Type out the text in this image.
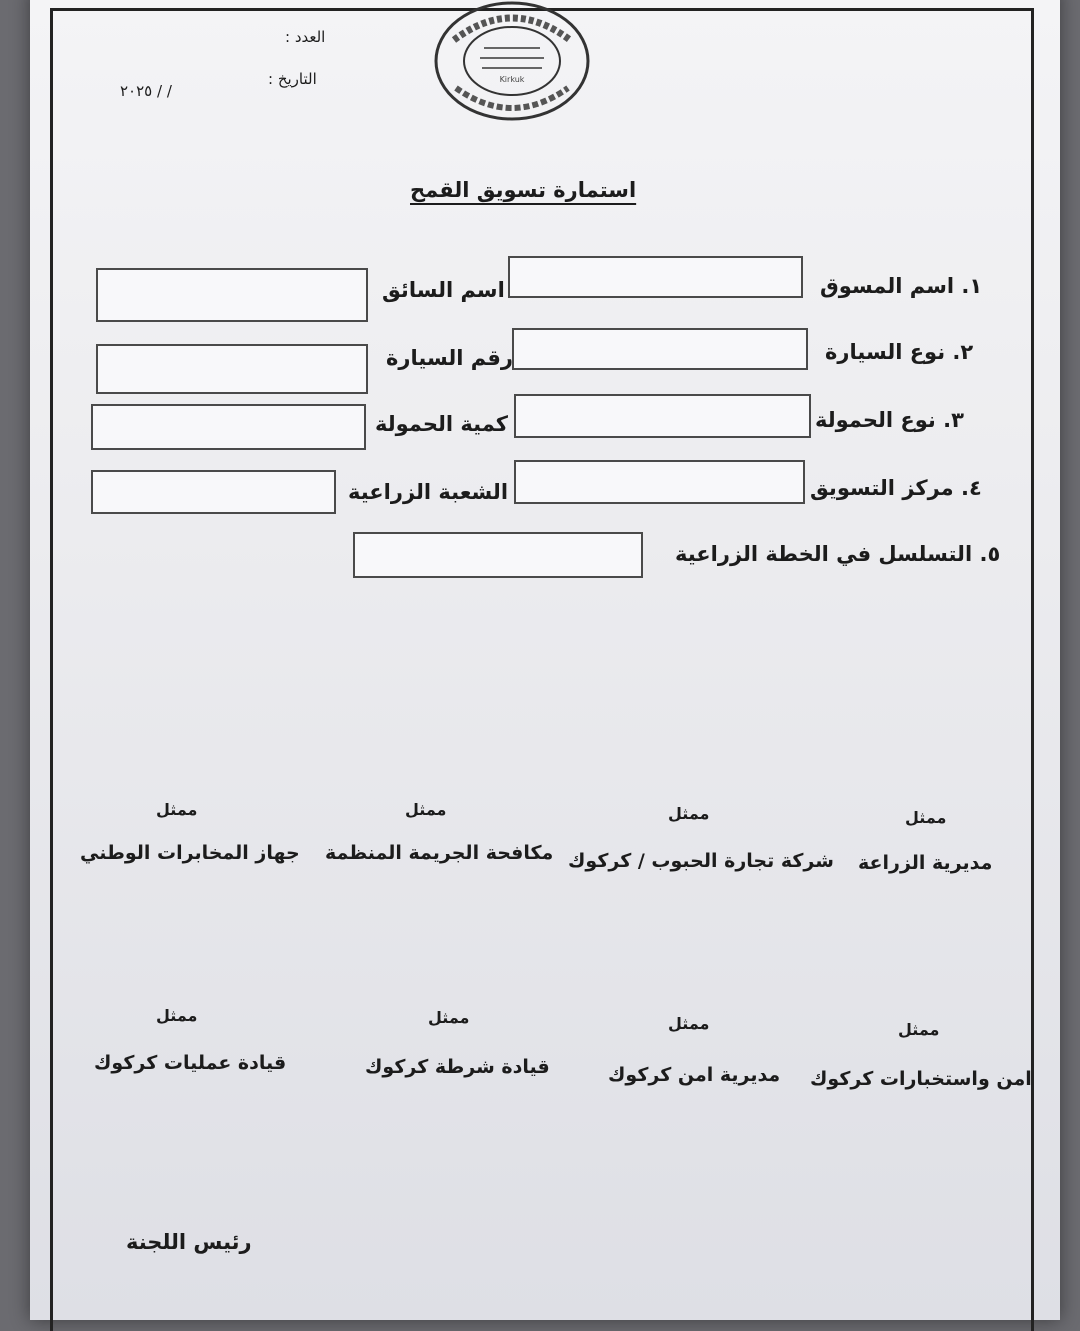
Kirkuk
العدد :
التاريخ :
/ / ٢٠٢٥
استمارة تسويق القمح
١. اسم المسوق
٢. نوع السيارة
٣. نوع الحمولة
٤. مركز التسويق
٥. التسلسل في الخطة الزراعية
اسم السائق
رقم السيارة
كمية الحمولة
الشعبة الزراعية
ممثل
ممثل
ممثل
ممثل
مديرية الزراعة
شركة تجارة الحبوب / كركوك
مكافحة الجريمة المنظمة
جهاز المخابرات الوطني
ممثل
ممثل
ممثل
ممثل
امن واستخبارات كركوك
مديرية امن كركوك
قيادة شرطة كركوك
قيادة عمليات كركوك
رئيس اللجنة
